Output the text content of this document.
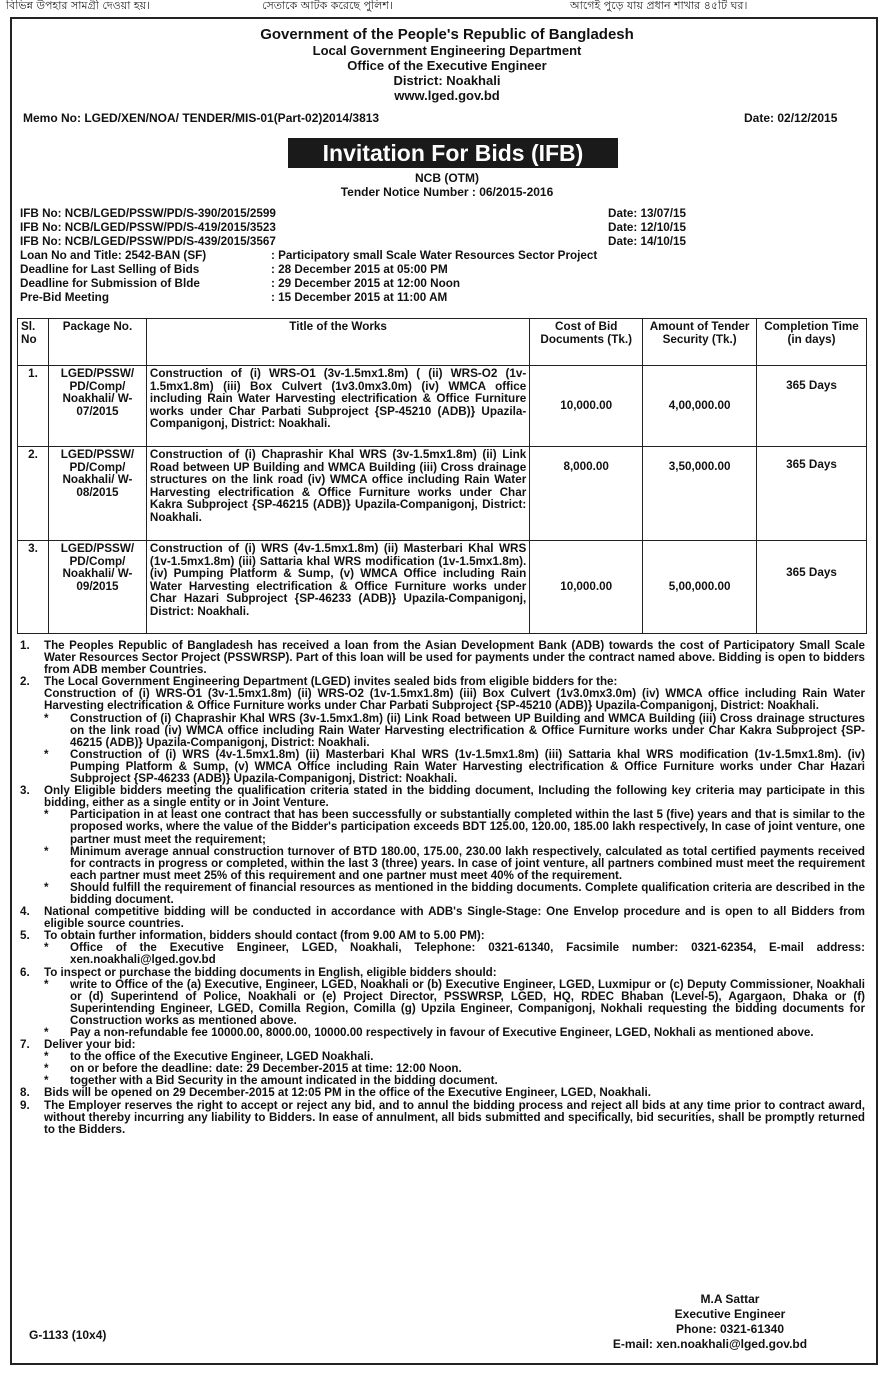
বিভিন্ন উপহার সামগ্রী দেওয়া হয়।	সেতাকে আটক করেছে পুলিশ।	আগেই পুড়ে যায় প্রধান শাখার ৪৫টি ঘর।
Government of the People's Republic of Bangladesh
Local Government Engineering Department
Office of the Executive Engineer
District: Noakhali
www.lged.gov.bd
Memo No: LGED/XEN/NOA/ TENDER/MIS-01(Part-02)2014/3813	Date: 02/12/2015
Invitation For Bids (IFB)
NCB (OTM)
Tender Notice Number : 06/2015-2016
IFB No: NCB/LGED/PSSW/PD/S-390/2015/2599	Date: 13/07/15
IFB No: NCB/LGED/PSSW/PD/S-419/2015/3523	Date: 12/10/15
IFB No: NCB/LGED/PSSW/PD/S-439/2015/3567	Date: 14/10/15
Loan No and Title: 2542-BAN (SF)	: Participatory small Scale Water Resources Sector Project
Deadline for Last Selling of Bids	: 28 December 2015 at 05:00 PM
Deadline for Submission of Blde	: 29 December 2015 at 12:00 Noon
Pre-Bid Meeting	: 15 December 2015 at 11:00 AM
Sl. No	Package No.	Title of the Works	Cost of Bid Documents (Tk.)	Amount of Tender Security (Tk.)	Completion Time (in days)
1.	LGED/PSSW/ PD/Comp/ Noakhali/ W-07/2015	Construction of (i) WRS-O1 (3v-1.5mx1.8m) ( (ii) WRS-O2 (1v-1.5mx1.8m) (iii) Box Culvert (1v3.0mx3.0m) (iv) WMCA office including Rain Water Harvesting electrification & Office Furniture works under Char Parbati Subproject {SP-45210 (ADB)} Upazila-Companigonj, District: Noakhali.	10,000.00	4,00,000.00	365 Days
2.	LGED/PSSW/ PD/Comp/ Noakhali/ W-08/2015	Construction of (i) Chaprashir Khal WRS (3v-1.5mx1.8m) (ii) Link Road between UP Building and WMCA Building (iii) Cross drainage structures on the link road (iv) WMCA office including Rain Water Harvesting electrification & Office Furniture works under Char Kakra Subproject {SP-46215 (ADB)} Upazila-Companigonj, District: Noakhali.	8,000.00	3,50,000.00	365 Days
3.	LGED/PSSW/ PD/Comp/ Noakhali/ W-09/2015	Construction of (i) WRS (4v-1.5mx1.8m) (ii) Masterbari Khal WRS (1v-1.5mx1.8m) (iii) Sattaria khal WRS modification (1v-1.5mx1.8m). (iv) Pumping Platform & Sump, (v) WMCA Office including Rain Water Harvesting electrification & Office Furniture works under Char Hazari Subproject {SP-46233 (ADB)} Upazila-Companigonj, District: Noakhali.	10,000.00	5,00,000.00	365 Days
1.	The Peoples Republic of Bangladesh has received a loan from the Asian Development Bank (ADB) towards the cost of Participatory Small Scale Water Resources Sector Project (PSSWRSP). Part of this loan will be used for payments under the contract named above. Bidding is open to bidders from ADB member Countries.
2.	The Local Government Engineering Department (LGED) invites sealed bids from eligible bidders for the:
Construction of (i) WRS-O1 (3v-1.5mx1.8m) (ii) WRS-O2 (1v-1.5mx1.8m) (iii) Box Culvert (1v3.0mx3.0m) (iv) WMCA office including Rain Water Harvesting electrification & Office Furniture works under Char Parbati Subproject {SP-45210 (ADB)} Upazila-Companigonj, District: Noakhali.
*	Construction of (i) Chaprashir Khal WRS (3v-1.5mx1.8m) (ii) Link Road between UP Building and WMCA Building (iii) Cross drainage structures on the link road (iv) WMCA office including Rain Water Harvesting electrification & Office Furniture works under Char Kakra Subproject {SP-46215 (ADB)} Upazila-Companigonj, District: Noakhali.
*	Construction of (i) WRS (4v-1.5mx1.8m) (ii) Masterbari Khal WRS (1v-1.5mx1.8m) (iii) Sattaria khal WRS modification (1v-1.5mx1.8m). (iv) Pumping Platform & Sump, (v) WMCA Office including Rain Water Harvesting electrification & Office Furniture works under Char Hazari Subproject {SP-46233 (ADB)} Upazila-Companigonj, District: Noakhali.
3.	Only Eligible bidders meeting the qualification criteria stated in the bidding document, Including the following key criteria may participate in this bidding, either as a single entity or in Joint Venture.
*	Participation in at least one contract that has been successfully or substantially completed within the last 5 (five) years and that is similar to the proposed works, where the value of the Bidder's participation exceeds BDT 125.00, 120.00, 185.00 lakh respectively, In case of joint venture, one partner must meet the requirement;
*	Minimum average annual construction turnover of BTD 180.00, 175.00, 230.00 lakh respectively, calculated as total certified payments received for contracts in progress or completed, within the last 3 (three) years. In case of joint venture, all partners combined must meet the requirement each partner must meet 25% of this requirement and one partner must meet 40% of the requirement.
*	Should fulfill the requirement of financial resources as mentioned in the bidding documents. Complete qualification criteria are described in the bidding document.
4.	National competitive bidding will be conducted in accordance with ADB's Single-Stage: One Envelop procedure and is open to all Bidders from eligible source countries.
5.	To obtain further information, bidders should contact (from 9.00 AM to 5.00 PM):
*	Office of the Executive Engineer, LGED, Noakhali, Telephone: 0321-61340, Facsimile number: 0321-62354, E-mail address: xen.noakhali@lged.gov.bd
6.	To inspect or purchase the bidding documents in English, eligible bidders should:
*	write to Office of the (a) Executive, Engineer, LGED, Noakhali or (b) Executive Engineer, LGED, Luxmipur or (c) Deputy Commissioner, Noakhali or (d) Superintend of Police, Noakhali or (e) Project Director, PSSWRSP, LGED, HQ, RDEC Bhaban (Level-5), Agargaon, Dhaka or (f) Superintending Engineer, LGED, Comilla Region, Comilla (g) Upzila Engineer, Companigonj, Nokhali requesting the bidding documents for Construction works as mentioned above.
*	Pay a non-refundable fee 10000.00, 8000.00, 10000.00 respectively in favour of Executive Engineer, LGED, Nokhali as mentioned above.
7.	Deliver your bid:
*	to the office of the Executive Engineer, LGED Noakhali.
*	on or before the deadline: date: 29 December-2015 at time: 12:00 Noon.
*	together with a Bid Security in the amount indicated in the bidding document.
8.	Bids will be opened on 29 December-2015 at 12:05 PM in the office of the Executive Engineer, LGED, Noakhali.
9.	The Employer reserves the right to accept or reject any bid, and to annul the bidding process and reject all bids at any time prior to contract award, without thereby incurring any liability to Bidders. In ease of annulment, all bids submitted and specifically, bid securities, shall be promptly returned to the Bidders.
M.A Sattar
Executive Engineer
Phone: 0321-61340
E-mail: xen.noakhali@lged.gov.bd
G-1133 (10x4)
